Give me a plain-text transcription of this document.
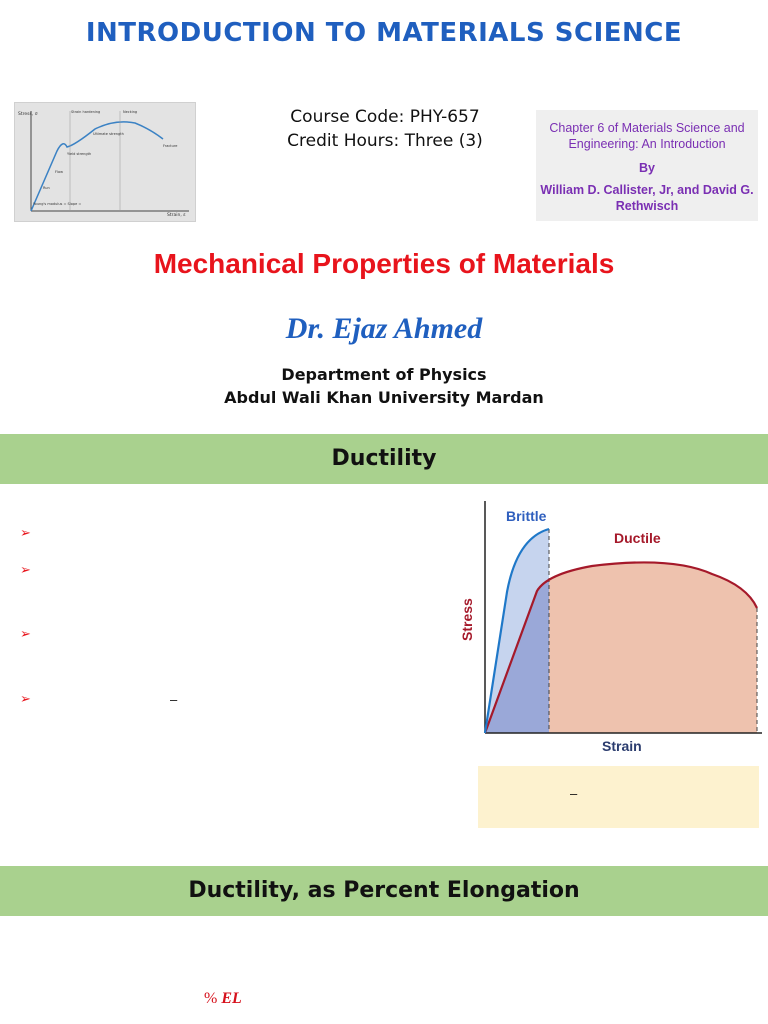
INTRODUCTION TO MATERIALS SCIENCE
Stress, σ
Strain, ε
Strain hardening	Necking
Ultimate strength
Fracture
Yield strength
Flow
Run
Young's modulus = Slope =
Course Code: PHY-657
Credit Hours: Three (3)
Chapter 6 of Materials Science and
Engineering: An Introduction
By
William D. Callister, Jr, and David G.
Rethwisch
Mechanical Properties of Materials
Dr. Ejaz Ahmed
Department of Physics
Abdul Wali Khan University Mardan
Ductility
➢
➢
➢
➢	–
Brittle
Ductile
Strain
Stress
–
Ductility, as Percent Elongation
% EL
